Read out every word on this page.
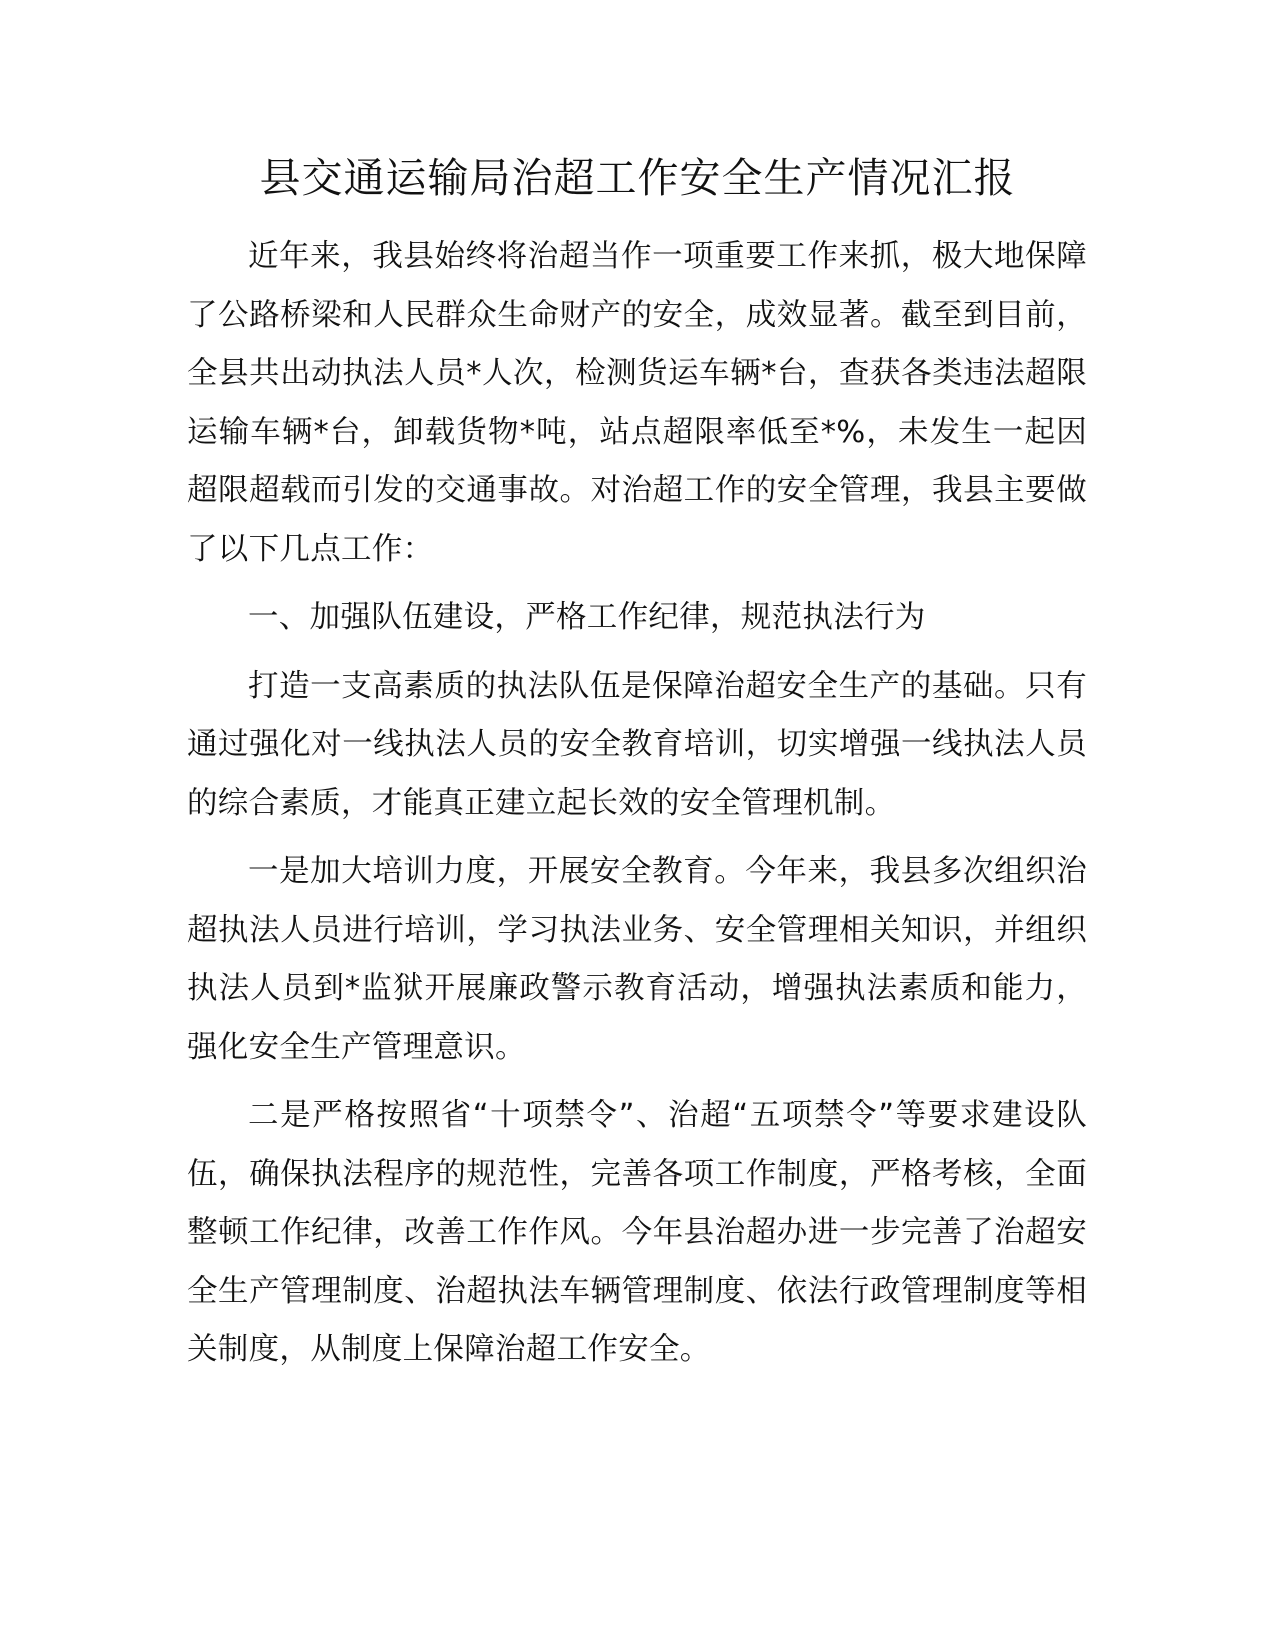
县交通运输局治超工作安全生产情况汇报

近年来，我县始终将治超当作一项重要工作来抓，极大地保障了公路桥梁和人民群众生命财产的安全，成效显著。截至到目前，全县共出动执法人员*人次，检测货运车辆*台，查获各类违法超限运输车辆*台，卸载货物*吨，站点超限率低至*%，未发生一起因超限超载而引发的交通事故。对治超工作的安全管理，我县主要做了以下几点工作：

一、加强队伍建设，严格工作纪律，规范执法行为

打造一支高素质的执法队伍是保障治超安全生产的基础。只有通过强化对一线执法人员的安全教育培训，切实增强一线执法人员的综合素质，才能真正建立起长效的安全管理机制。

一是加大培训力度，开展安全教育。今年来，我县多次组织治超执法人员进行培训，学习执法业务、安全管理相关知识，并组织执法人员到*监狱开展廉政警示教育活动，增强执法素质和能力，强化安全生产管理意识。

二是严格按照省“十项禁令”、治超“五项禁令”等要求建设队伍，确保执法程序的规范性，完善各项工作制度，严格考核，全面整顿工作纪律，改善工作作风。今年县治超办进一步完善了治超安全生产管理制度、治超执法车辆管理制度、依法行政管理制度等相关制度，从制度上保障治超工作安全。
